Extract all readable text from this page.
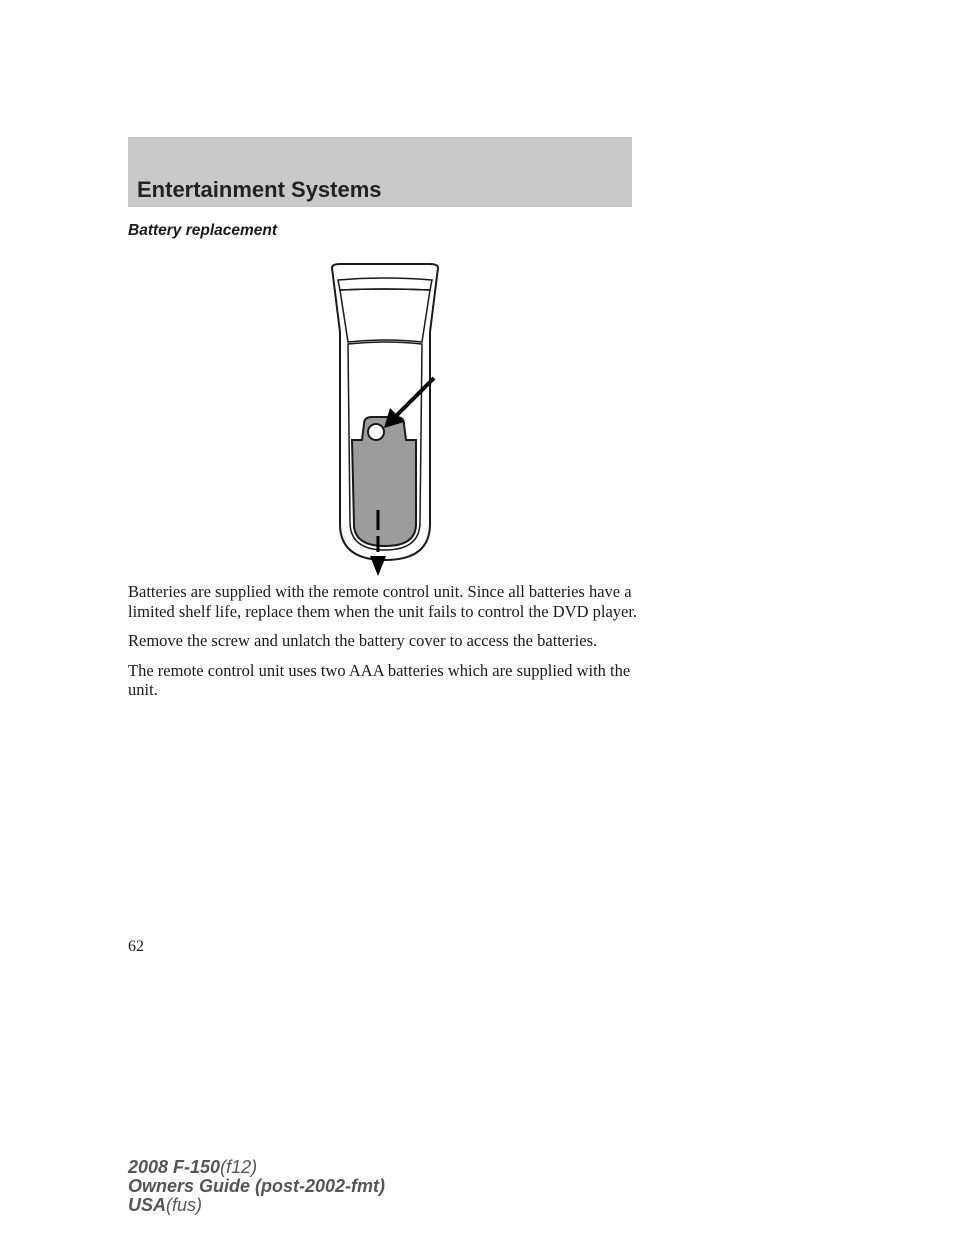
Entertainment Systems
Battery replacement

Batteries are supplied with the remote control unit. Since all batteries have a limited shelf life, replace them when the unit fails to control the DVD player.

Remove the screw and unlatch the battery cover to access the batteries.

The remote control unit uses two AAA batteries which are supplied with the unit.

62
2008 F-150(f12)
Owners Guide (post-2002-fmt)
USA(fus)
